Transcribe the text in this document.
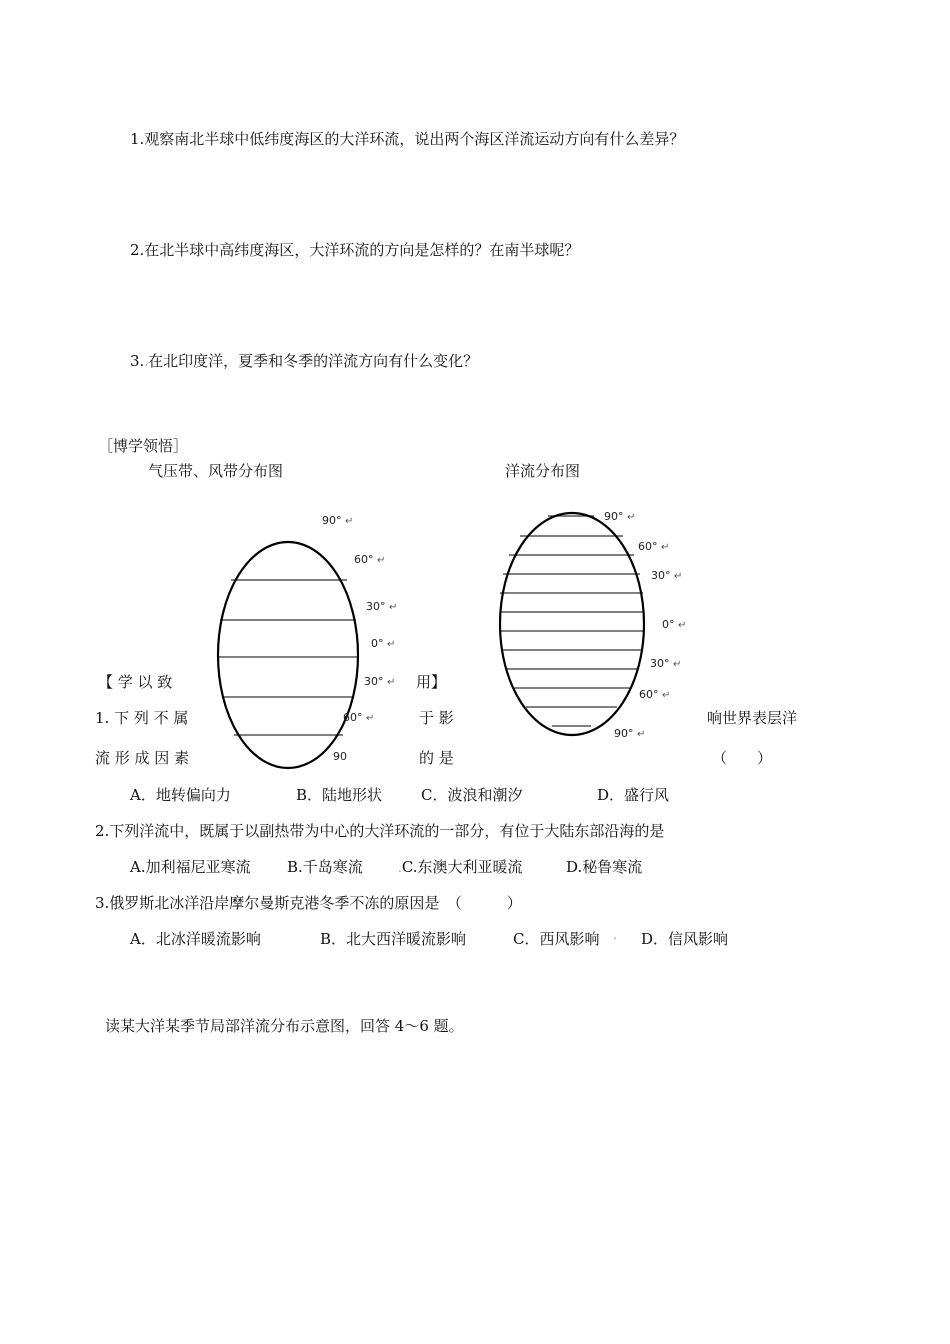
1.观察南北半球中低纬度海区的大洋环流，说出两个海区洋流运动方向有什么差异？
2.在北半球中高纬度海区，大洋环流的方向是怎样的？在南半球呢？
3..在北印度洋，夏季和冬季的洋流方向有什么变化？
［博学领悟］
气压带、风带分布图	洋流分布图
90° ↵
60° ↵
30° ↵
0° ↵
30° ↵
60° ↵
90
90° ↵
60° ↵
30° ↵
0° ↵
30° ↵
60° ↵
90° ↵
【 学 以 致	用】
1. 下 列 不 属	于 影	响世界表层洋
流 形 成 因 素	的 是	（　　）
A．地转偏向力	B．陆地形状	C．波浪和潮汐	D．盛行风
2.下列洋流中，既属于以副热带为中心的大洋环流的一部分，有位于大陆东部沿海的是
A.加利福尼亚寒流 B.千岛寒流	.C.东澳大利亚暖流	D.秘鲁寒流
3.俄罗斯北冰洋沿岸摩尔曼斯克港冬季不冻的原因是　（　　　）
A．北冰洋暖流影响	B．北大西洋暖流影响	C．西风影响 . D．信风影响
读某大洋某季节局部洋流分布示意图，回答 4～6 题。
